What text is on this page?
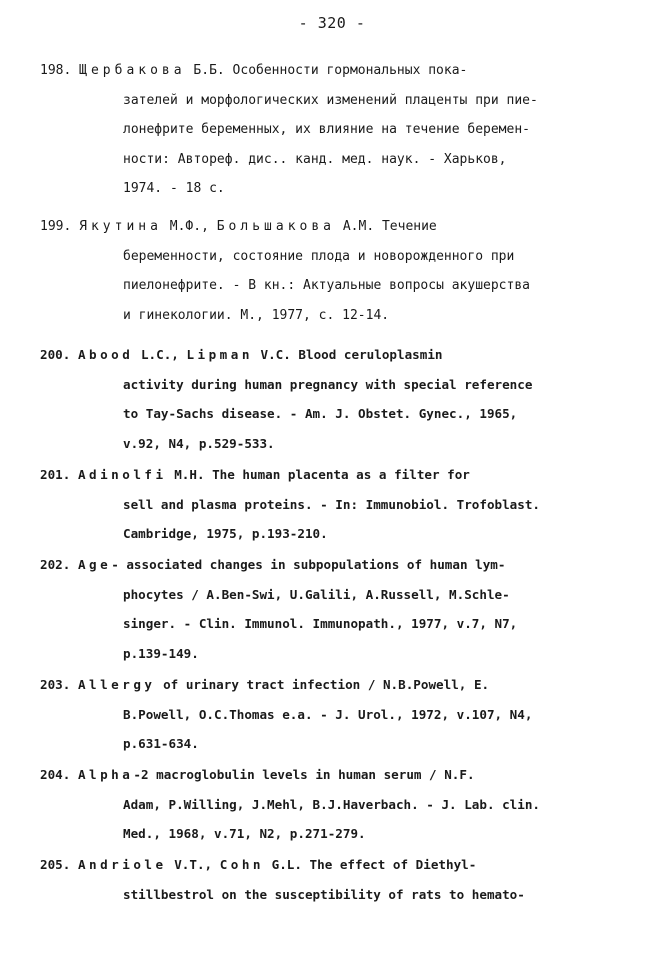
- 320 -
198. Щербакова Б.Б. Особенности гормональных пока-
зателей и морфологических изменений плаценты при пие-
лонефрите беременных, их влияние на течение беремен-
ности: Автореф. дис.. канд. мед. наук. - Харьков,
1974. - 18 с.
199. Якутина М.Ф., Большакова А.М. Течение
беременности, состояние плода и новорожденного при
пиелонефрите. - В кн.: Актуальные вопросы акушерства
и гинекологии. М., 1977, с. 12-14.
200. Abood L.C., Lipman V.C. Blood ceruloplasmin
activity during human pregnancy with special reference
to Tay-Sachs disease. - Am. J. Obstet. Gynec., 1965,
v.92, N4, p.529-533.
201. Adinolfi M.H. The human placenta as a filter for
sell and plasma proteins. - In: Immunobiol. Trofoblast.
Cambridge, 1975, p.193-210.
202. Age- associated changes in subpopulations of human lym-
phocytes / A.Ben-Swi, U.Galili, A.Russell, M.Schle-
singer. - Clin. Immunol. Immunopath., 1977, v.7, N7,
p.139-149.
203. Allergy of urinary tract infection / N.B.Powell, E.
B.Powell, O.C.Thomas e.a. - J. Urol., 1972, v.107, N4,
p.631-634.
204. Alpha-2 macroglobulin levels in human serum / N.F.
Adam, P.Willing, J.Mehl, B.J.Haverbach. - J. Lab. clin.
Med., 1968, v.71, N2, p.271-279.
205. Andriole V.T., Cohn G.L. The effect of Diethyl-
stillbestrol on the susceptibility of rats to hemato-
